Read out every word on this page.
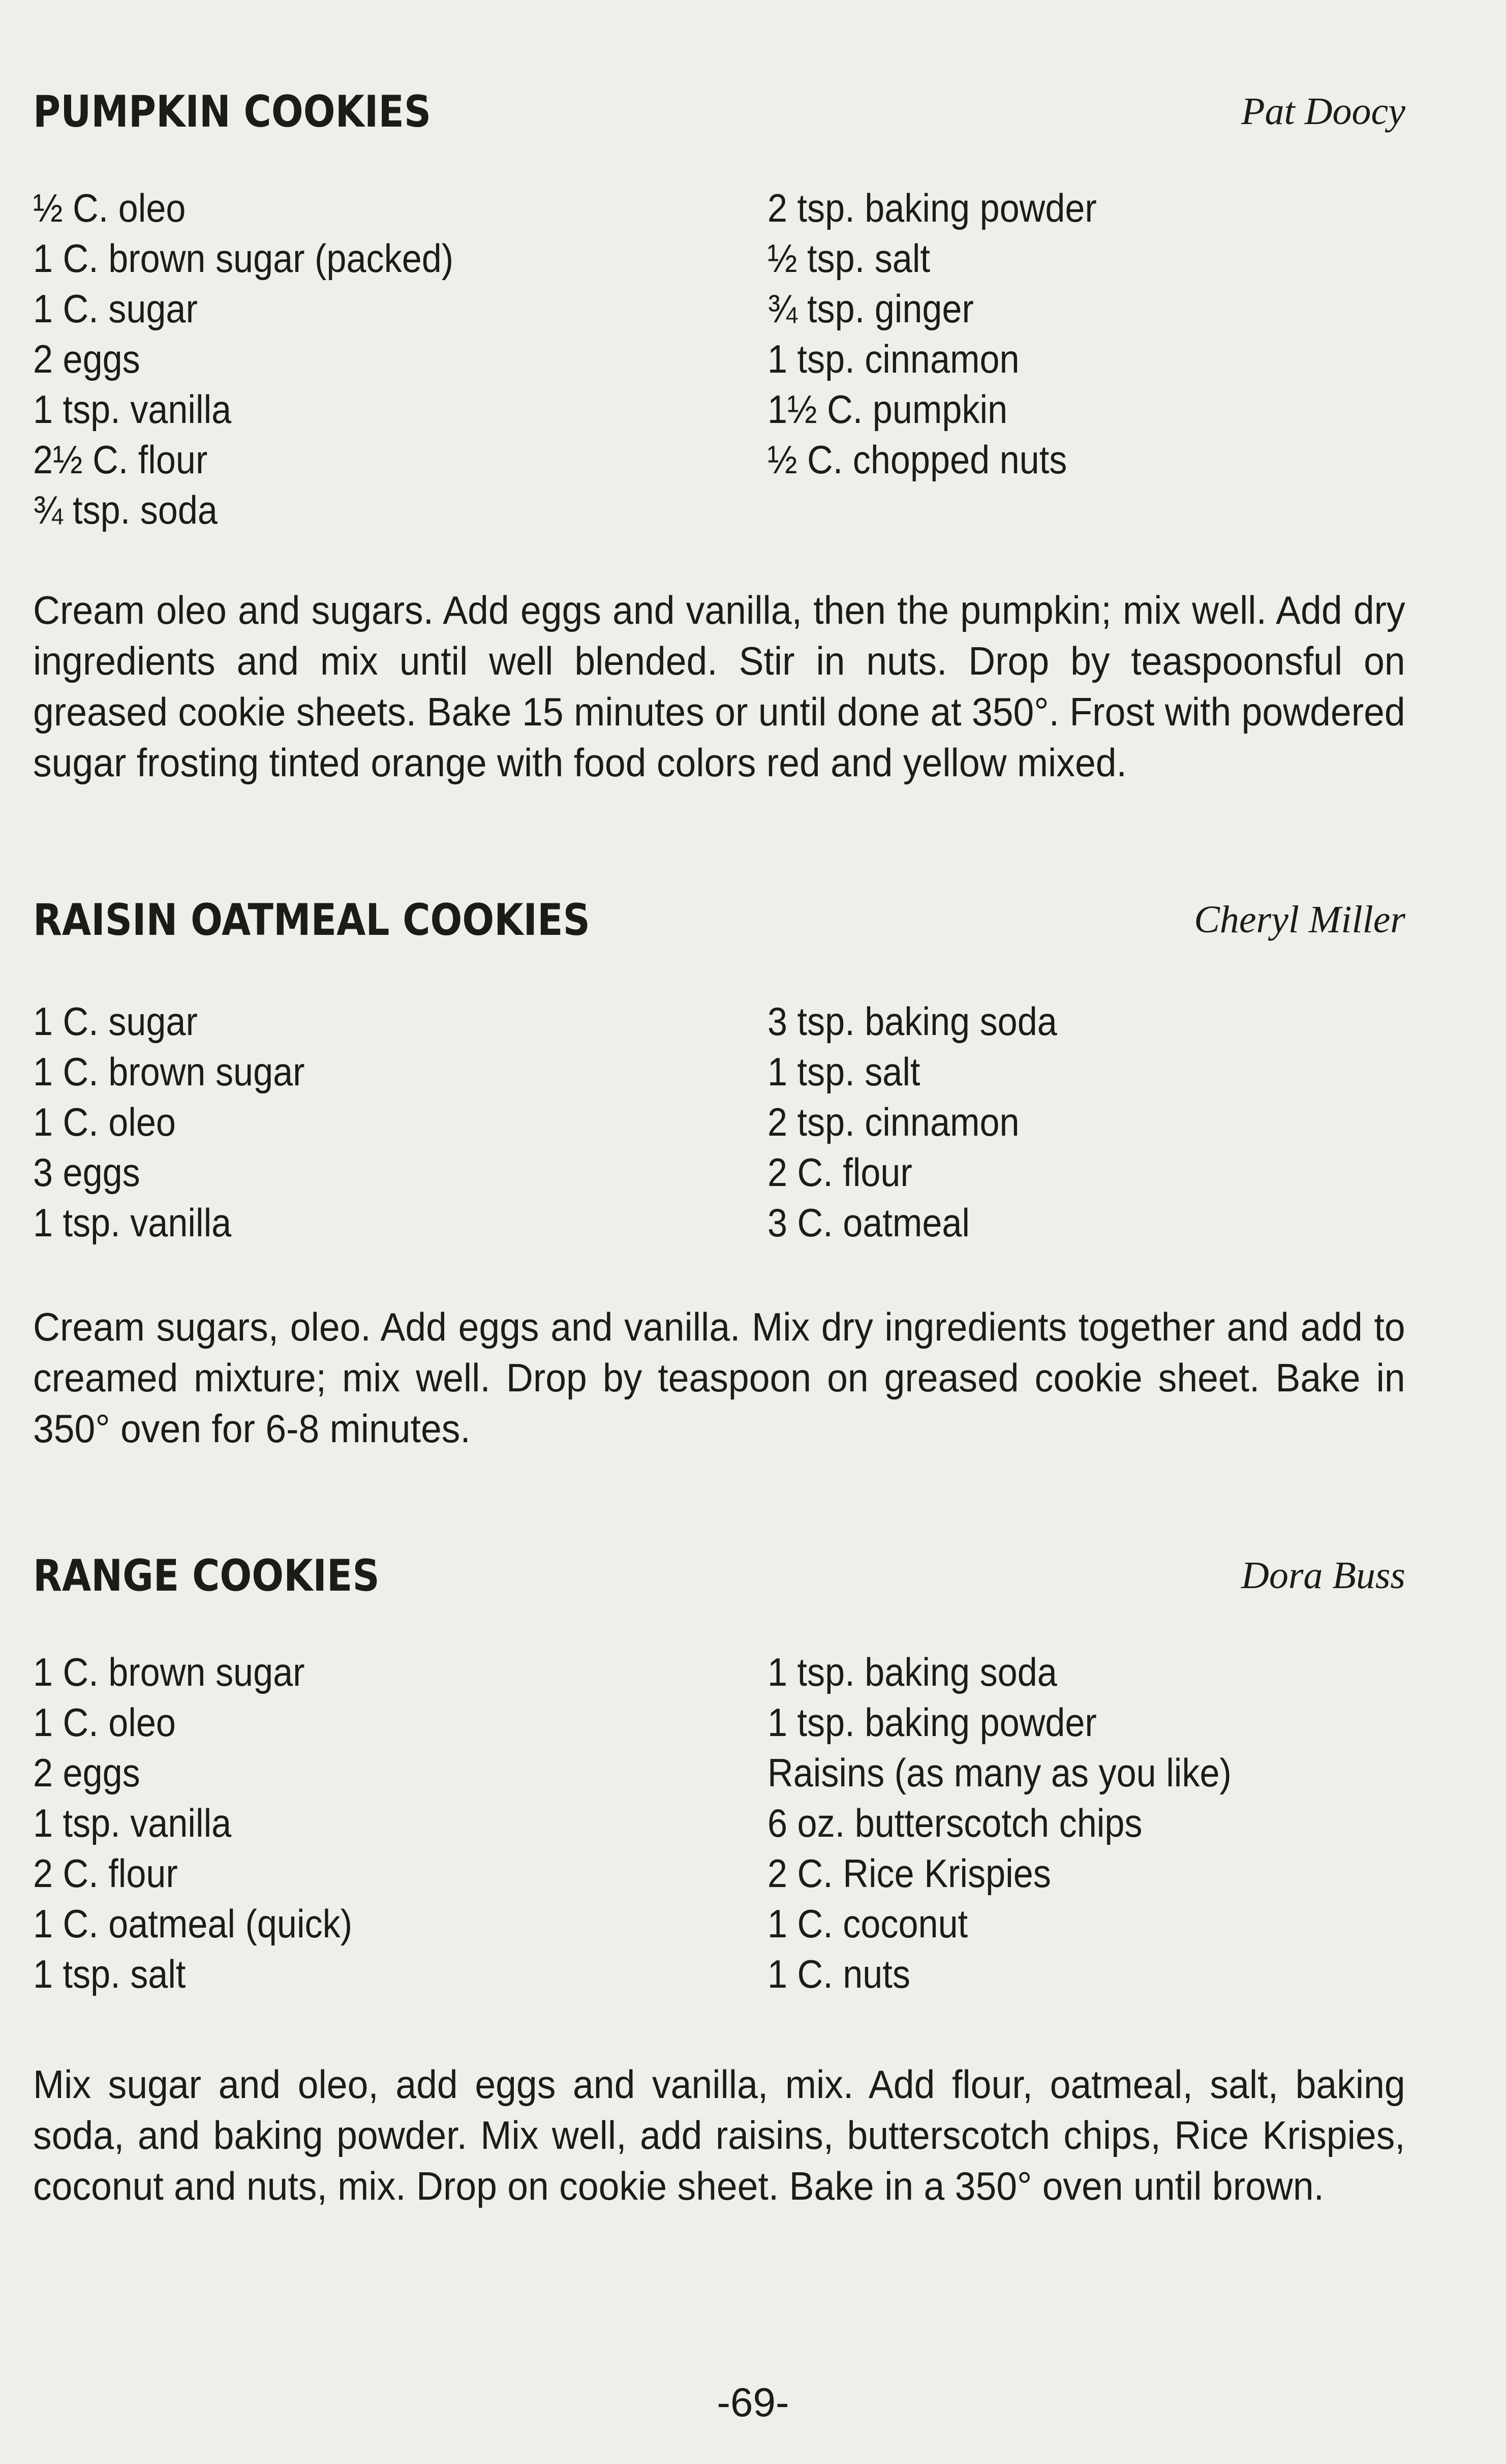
PUMPKIN COOKIES	Pat Doocy
½ C. oleo
1 C. brown sugar (packed)
1 C. sugar
2 eggs
1 tsp. vanilla
2½ C. flour
¾ tsp. soda
2 tsp. baking powder
½ tsp. salt
¾ tsp. ginger
1 tsp. cinnamon
1½ C. pumpkin
½ C. chopped nuts
Cream oleo and sugars. Add eggs and vanilla, then the pumpkin; mix well. Add dry ingredients and mix until well blended. Stir in nuts. Drop by teaspoonsful on greased cookie sheets. Bake 15 minutes or until done at 350°. Frost with powdered sugar frosting tinted orange with food colors red and yellow mixed.
RAISIN OATMEAL COOKIES	Cheryl Miller
1 C. sugar
1 C. brown sugar
1 C. oleo
3 eggs
1 tsp. vanilla
3 tsp. baking soda
1 tsp. salt
2 tsp. cinnamon
2 C. flour
3 C. oatmeal
Cream sugars, oleo. Add eggs and vanilla. Mix dry ingredients together and add to creamed mixture; mix well. Drop by teaspoon on greased cookie sheet. Bake in 350° oven for 6-8 minutes.
RANGE COOKIES	Dora Buss
1 C. brown sugar
1 C. oleo
2 eggs
1 tsp. vanilla
2 C. flour
1 C. oatmeal (quick)
1 tsp. salt
1 tsp. baking soda
1 tsp. baking powder
Raisins (as many as you like)
6 oz. butterscotch chips
2 C. Rice Krispies
1 C. coconut
1 C. nuts
Mix sugar and oleo, add eggs and vanilla, mix. Add flour, oatmeal, salt, baking soda, and baking powder. Mix well, add raisins, butterscotch chips, Rice Krispies, coconut and nuts, mix. Drop on cookie sheet. Bake in a 350° oven until brown.
-69-
